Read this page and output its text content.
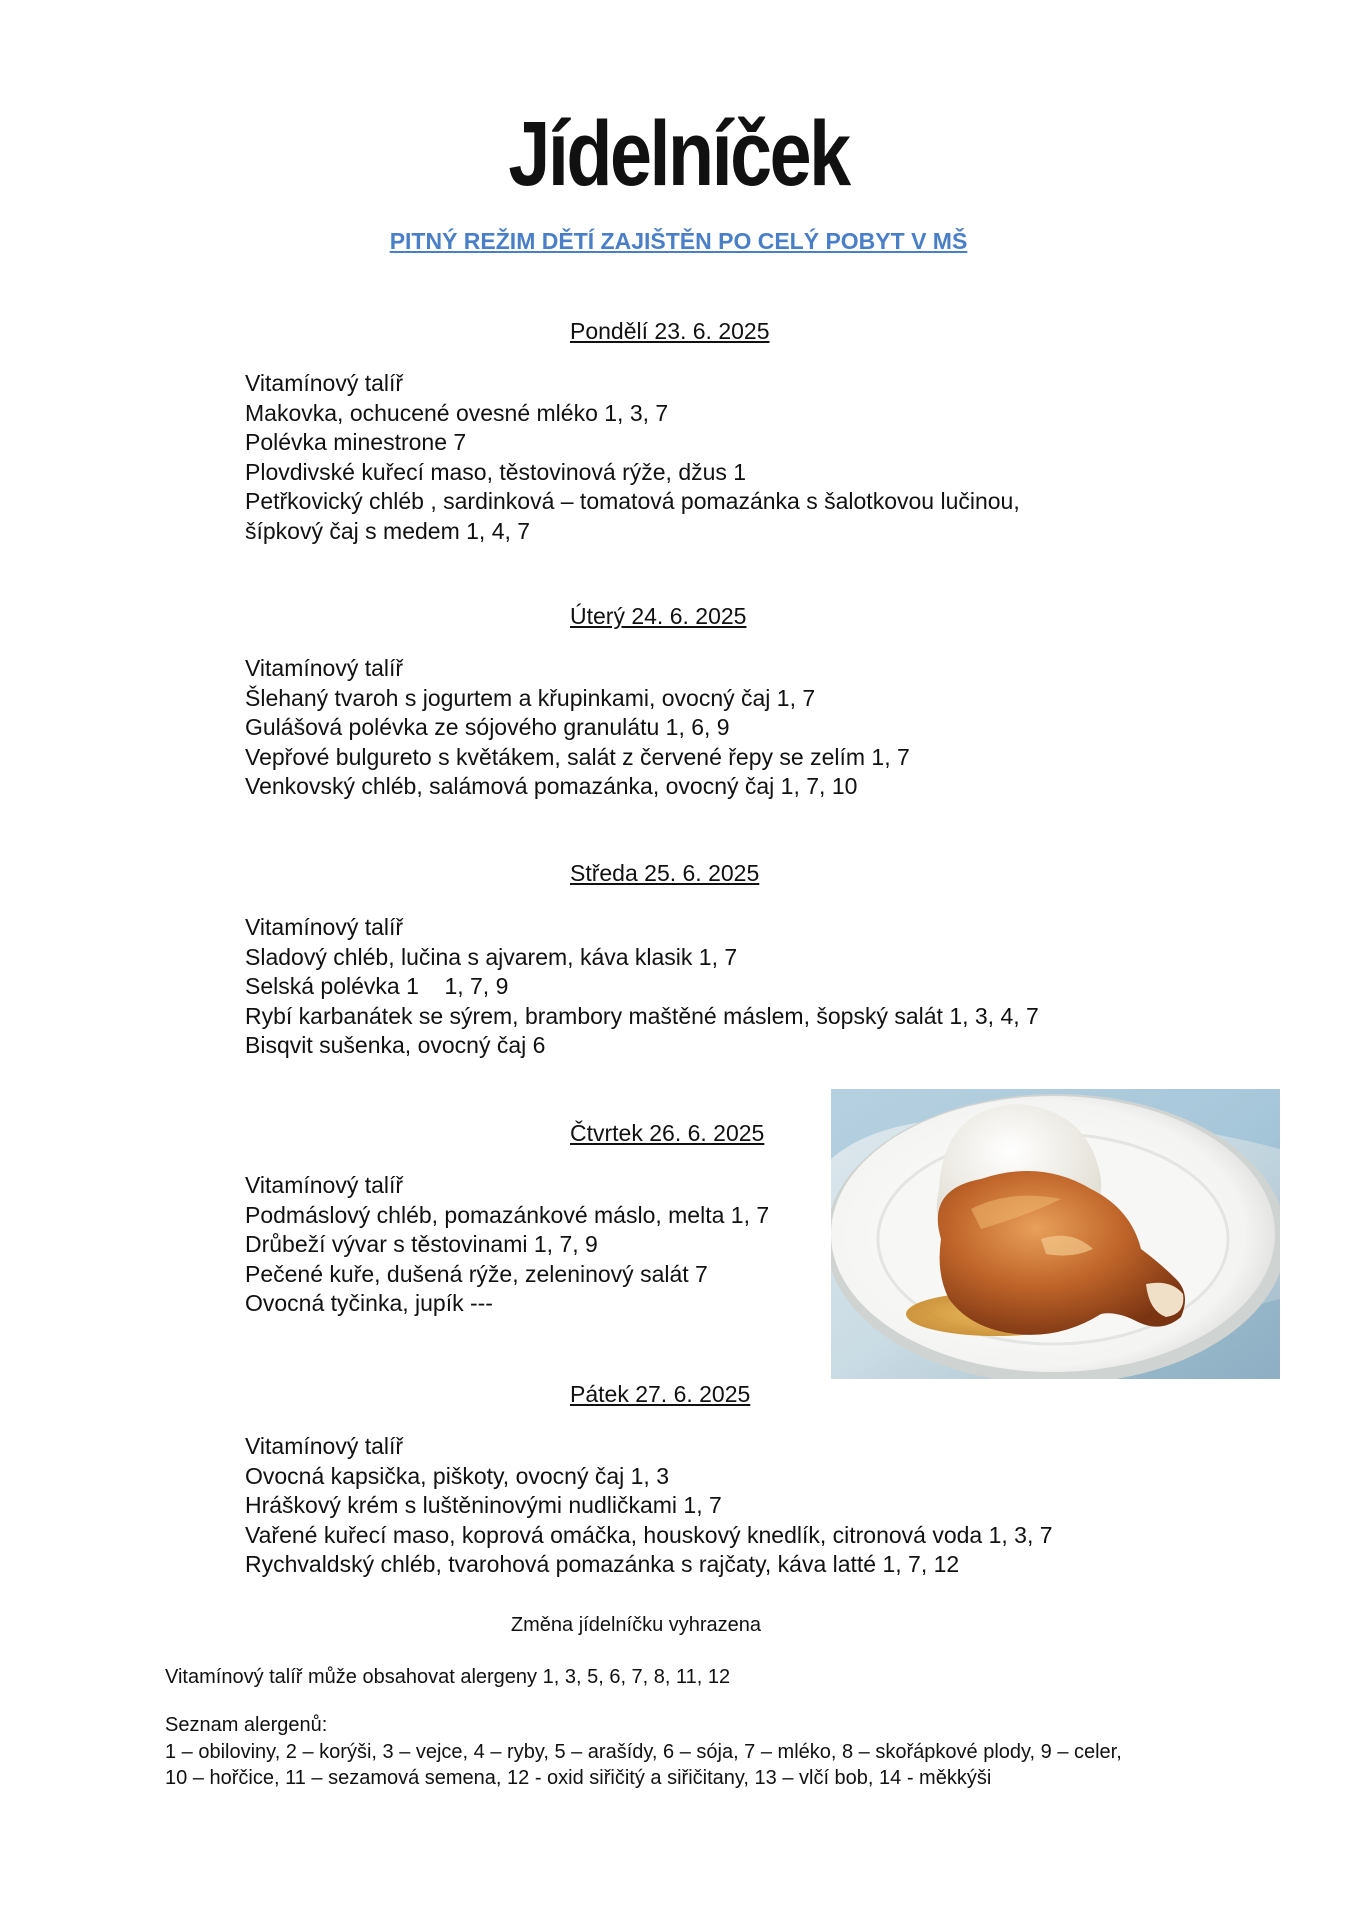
Jídelníček
PITNÝ REŽIM DĚTÍ ZAJIŠTĚN PO CELÝ POBYT V MŠ
Pondělí 23. 6. 2025
Vitamínový talíř
Makovka, ochucené ovesné mléko 1, 3, 7
Polévka minestrone 7
Plovdivské kuřecí maso, těstovinová rýže, džus 1
Petřkovický chléb , sardinková – tomatová pomazánka s šalotkovou lučinou,
šípkový čaj s medem 1, 4, 7
Úterý 24. 6. 2025
Vitamínový talíř
Šlehaný tvaroh s jogurtem a křupinkami, ovocný čaj 1, 7
Gulášová polévka ze sójového granulátu 1, 6, 9
Vepřové bulgureto s květákem, salát z červené řepy se zelím 1, 7
Venkovský chléb, salámová pomazánka, ovocný čaj 1, 7, 10
Středa 25. 6. 2025
Vitamínový talíř
Sladový chléb, lučina s ajvarem, káva klasik 1, 7
Selská polévka 1    1, 7, 9
Rybí karbanátek se sýrem, brambory maštěné máslem, šopský salát 1, 3, 4, 7
Bisqvit sušenka, ovocný čaj 6
Čtvrtek 26. 6. 2025
Vitamínový talíř
Podmáslový chléb, pomazánkové máslo, melta 1, 7
Drůbeží vývar s těstovinami 1, 7, 9
Pečené kuře, dušená rýže, zeleninový salát 7
Ovocná tyčinka, jupík ---
Pátek 27. 6. 2025
Vitamínový talíř
Ovocná kapsička, piškoty, ovocný čaj 1, 3
Hráškový krém s luštěninovými nudličkami 1, 7
Vařené kuřecí maso, koprová omáčka, houskový knedlík, citronová voda 1, 3, 7
Rychvaldský chléb, tvarohová pomazánka s rajčaty, káva latté 1, 7, 12
Změna jídelníčku vyhrazena
Vitamínový talíř může obsahovat alergeny 1, 3, 5, 6, 7, 8, 11, 12
Seznam alergenů:
1 – obiloviny, 2 – korýši, 3 – vejce, 4 – ryby, 5 – arašídy, 6 – sója, 7 – mléko, 8 – skořápkové plody, 9 – celer,
10 – hořčice, 11 – sezamová semena, 12 - oxid siřičitý a siřičitany, 13 – vlčí bob, 14 - měkkýši
